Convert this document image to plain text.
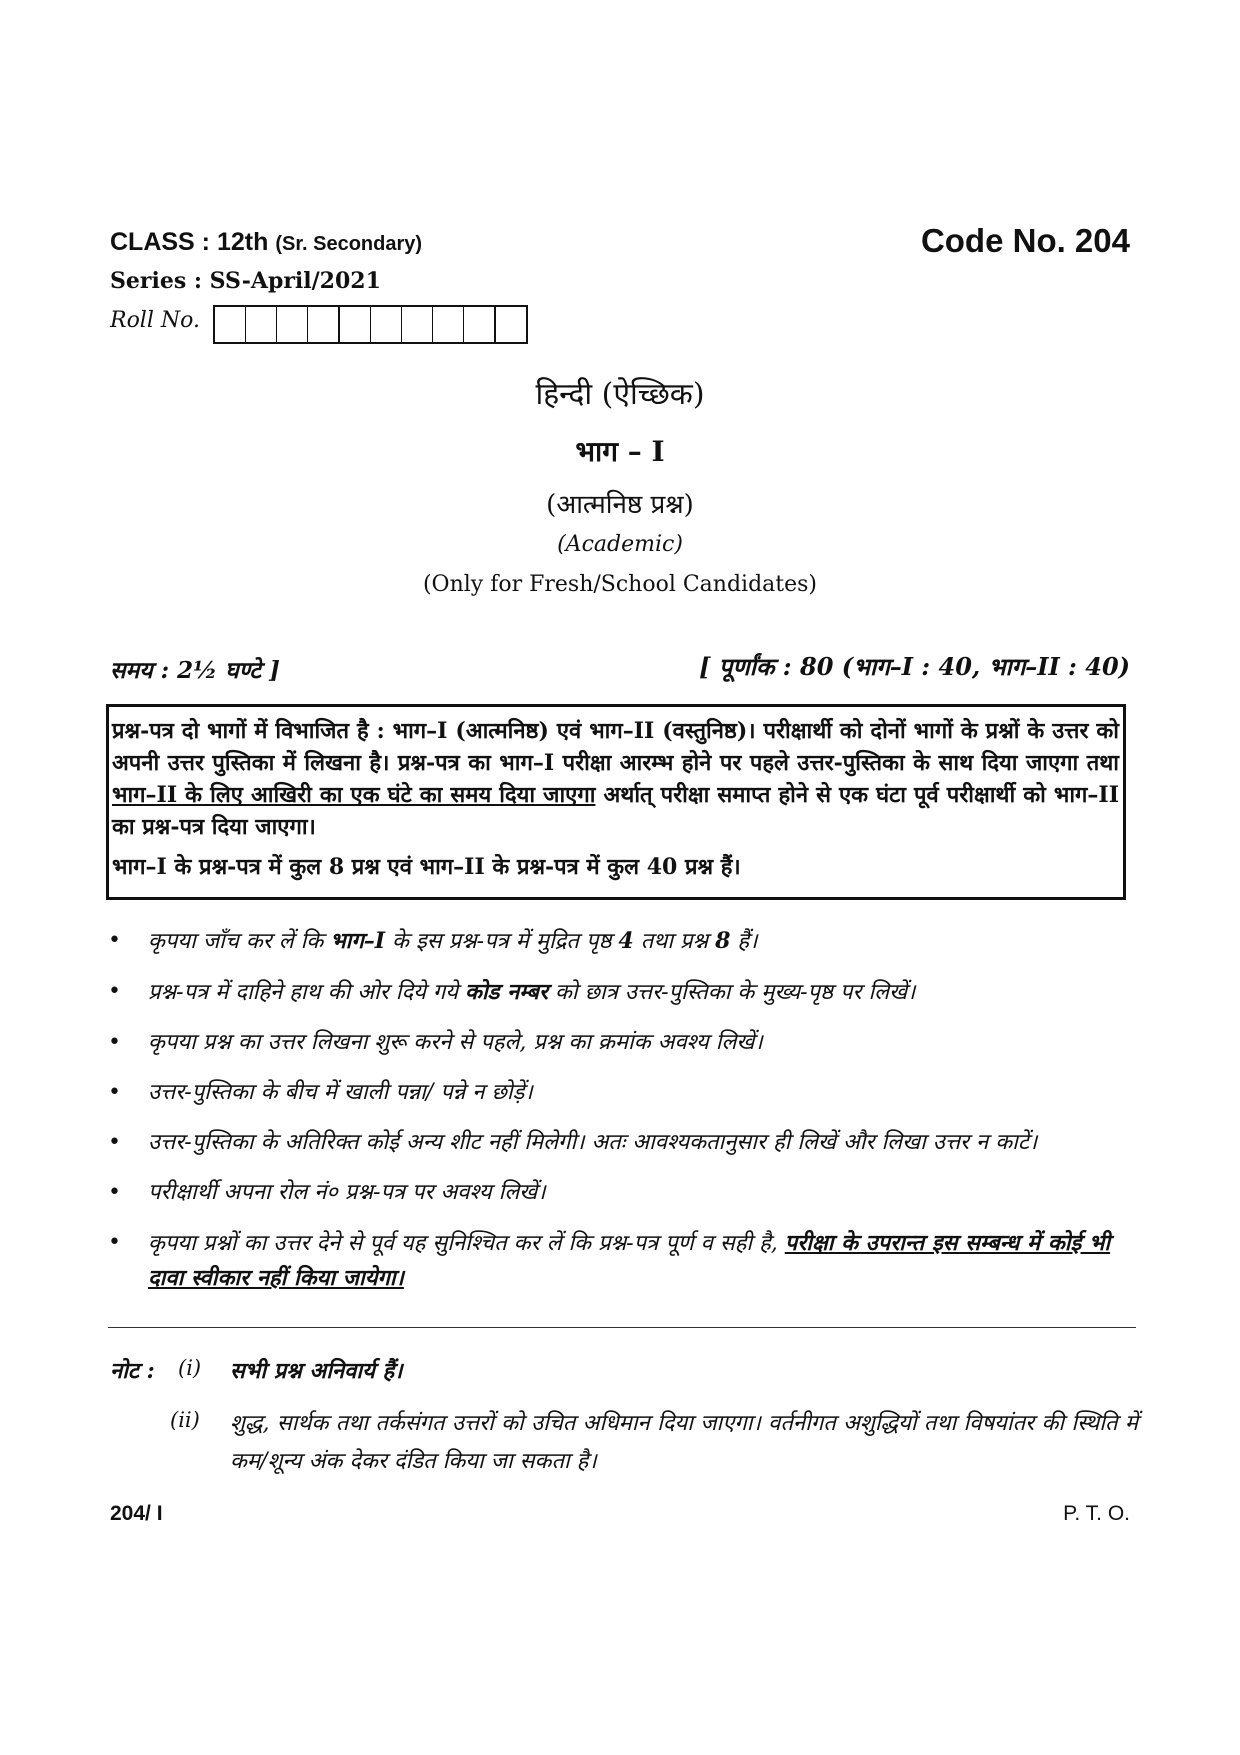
CLASS : 12th (Sr. Secondary)	Code No. 204
Series : SS-April/2021
Roll No.
हिन्दी (ऐच्छिक)
भाग – I
(आत्मनिष्ठ प्रश्न)
(Academic)
(Only for Fresh/School Candidates)
समय : 2½ घण्टे ]	[ पूर्णांक : 80 (भाग–I : 40, भाग–II : 40)

प्रश्न-पत्र दो भागों में विभाजित है : भाग–I (आत्मनिष्ठ) एवं भाग–II (वस्तुनिष्ठ)। परीक्षार्थी को दोनों भागों के प्रश्नों के उत्तर को अपनी उत्तर पुस्तिका में लिखना है। प्रश्न-पत्र का भाग–I परीक्षा आरम्भ होने पर पहले उत्तर-पुस्तिका के साथ दिया जाएगा तथा भाग–II के लिए आखिरी का एक घंटे का समय दिया जाएगा अर्थात् परीक्षा समाप्त होने से एक घंटा पूर्व परीक्षार्थी को भाग–II का प्रश्न-पत्र दिया जाएगा।

भाग–I के प्रश्न-पत्र में कुल 8 प्रश्न एवं भाग–II के प्रश्न-पत्र में कुल 40 प्रश्न हैं।

• कृपया जाँच कर लें कि भाग–I के इस प्रश्न-पत्र में मुद्रित पृष्ठ 4 तथा प्रश्न 8 हैं।
• प्रश्न-पत्र में दाहिने हाथ की ओर दिये गये कोड नम्बर को छात्र उत्तर-पुस्तिका के मुख्य-पृष्ठ पर लिखें।
• कृपया प्रश्न का उत्तर लिखना शुरू करने से पहले, प्रश्न का क्रमांक अवश्य लिखें।
• उत्तर-पुस्तिका के बीच में खाली पन्ना/ पन्ने न छोड़ें।
• उत्तर-पुस्तिका के अतिरिक्त कोई अन्य शीट नहीं मिलेगी। अतः आवश्यकतानुसार ही लिखें और लिखा उत्तर न काटें।
• परीक्षार्थी अपना रोल नं० प्रश्न-पत्र पर अवश्य लिखें।
• कृपया प्रश्नों का उत्तर देने से पूर्व यह सुनिश्चित कर लें कि प्रश्न-पत्र पूर्ण व सही है, परीक्षा के उपरान्त इस सम्बन्ध में कोई भी दावा स्वीकार नहीं किया जायेगा।
नोट : (i) सभी प्रश्न अनिवार्य हैं।
(ii) शुद्ध, सार्थक तथा तर्कसंगत उत्तरों को उचित अधिमान दिया जाएगा। वर्तनीगत अशुद्धियों तथा विषयांतर की स्थिति में कम/शून्य अंक देकर दंडित किया जा सकता है।
204/ I	P. T. O.
